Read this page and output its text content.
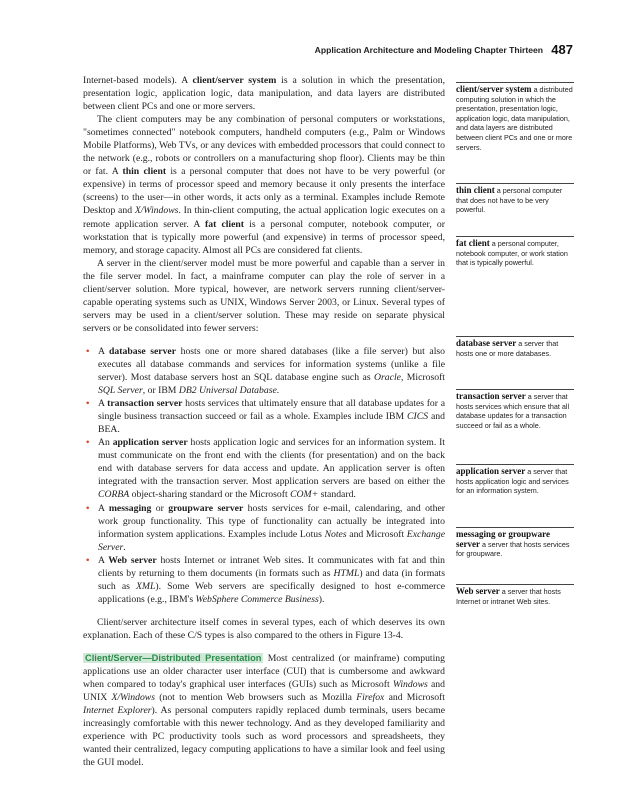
Application Architecture and Modeling Chapter Thirteen 487

Internet-based models). A client/server system is a solution in which the presentation, presentation logic, application logic, data manipulation, and data layers are distributed between client PCs and one or more servers.

The client computers may be any combination of personal computers or workstations, "sometimes connected" notebook computers, handheld computers (e.g., Palm or Windows Mobile Platforms), Web TVs, or any devices with embedded processors that could connect to the network (e.g., robots or controllers on a manufacturing shop floor). Clients may be thin or fat. A thin client is a personal computer that does not have to be very powerful (or expensive) in terms of processor speed and memory because it only presents the interface (screens) to the user—in other words, it acts only as a terminal. Examples include Remote Desktop and X/Windows. In thin-client computing, the actual application logic executes on a remote application server. A fat client is a personal computer, notebook computer, or workstation that is typically more powerful (and expensive) in terms of processor speed, memory, and storage capacity. Almost all PCs are considered fat clients.

A server in the client/server model must be more powerful and capable than a server in the file server model. In fact, a mainframe computer can play the role of server in a client/server solution. More typical, however, are network servers running client/server-capable operating systems such as UNIX, Windows Server 2003, or Linux. Several types of servers may be used in a client/server solution. These may reside on separate physical servers or be consolidated into fewer servers:

• A database server hosts one or more shared databases (like a file server) but also executes all database commands and services for information systems (unlike a file server). Most database servers host an SQL database engine such as Oracle, Microsoft SQL Server, or IBM DB2 Universal Database.
• A transaction server hosts services that ultimately ensure that all database updates for a single business transaction succeed or fail as a whole. Examples include IBM CICS and BEA.
• An application server hosts application logic and services for an information system. It must communicate on the front end with the clients (for presentation) and on the back end with database servers for data access and update. An application server is often integrated with the transaction server. Most application servers are based on either the CORBA object-sharing standard or the Microsoft COM+ standard.
• A messaging or groupware server hosts services for e-mail, calendaring, and other work group functionality. This type of functionality can actually be integrated into information system applications. Examples include Lotus Notes and Microsoft Exchange Server.
• A Web server hosts Internet or intranet Web sites. It communicates with fat and thin clients by returning to them documents (in formats such as HTML) and data (in formats such as XML). Some Web servers are specifically designed to host e-commerce applications (e.g., IBM's WebSphere Commerce Business).

Client/server architecture itself comes in several types, each of which deserves its own explanation. Each of these C/S types is also compared to the others in Figure 13-4.

Client/Server—Distributed Presentation Most centralized (or mainframe) computing applications use an older character user interface (CUI) that is cumbersome and awkward when compared to today's graphical user interfaces (GUIs) such as Microsoft Windows and UNIX X/Windows (not to mention Web browsers such as Mozilla Firefox and Microsoft Internet Explorer). As personal computers rapidly replaced dumb terminals, users became increasingly comfortable with this newer technology. And as they developed familiarity and experience with PC productivity tools such as word processors and spreadsheets, they wanted their centralized, legacy computing applications to have a similar look and feel using the GUI model.

client/server system a distributed computing solution in which the presentation, presentation logic, application logic, data manipulation, and data layers are distributed between client PCs and one or more servers.
thin client a personal computer that does not have to be very powerful.
fat client a personal computer, notebook computer, or work station that is typically powerful.
database server a server that hosts one or more databases.
transaction server a server that hosts services which ensure that all database updates for a transaction succeed or fail as a whole.
application server a server that hosts application logic and services for an information system.
messaging or groupware server a server that hosts services for groupware.
Web server a server that hosts Internet or intranet Web sites.
